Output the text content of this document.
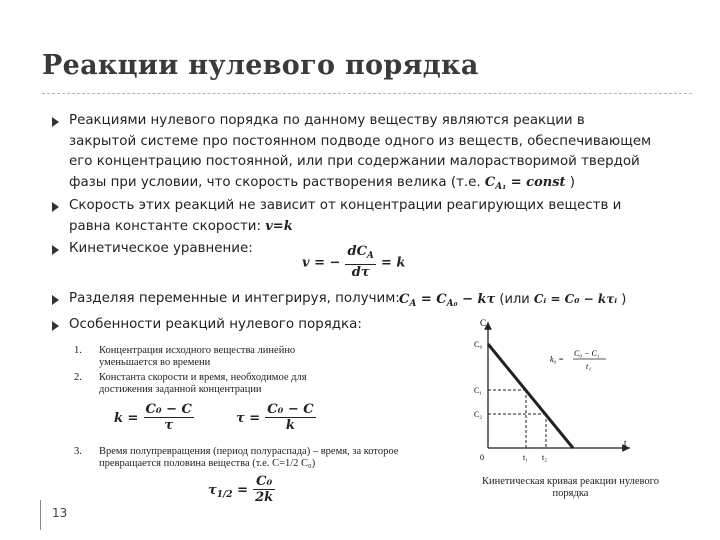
Реакции нулевого порядка
Реакциями нулевого порядка по данному веществу являются реакции в закрытой системе про постоянном подводе одного из веществ, обеспечивающем его концентрацию постоянной, или при содержании малорастворимой твердой фазы при условии, что скорость растворения велика (т.е. $C_{A_1}$ = const )
Скорость этих реакций не зависит от концентрации реагирующих веществ и равна константе скорости: v=k
Кинетическое уравнение:
v = − $\frac{dC_A}{d\tau} = k$
Разделяя переменные и интегрируя, получим: $C_A = C_{A_0} - k\tau$ (или Cᵢ = C₀ − kτᵢ )
Особенности реакций нулевого порядка:
1. Концентрация исходного вещества линейно уменьшается во времени
2. Константа скорости и время, необходимое для достижения заданной концентрации
$k = \frac{\text{C₀ − C}}{\tau}$	$\tau = \frac{\text{C₀ − C}}{k}$
3. Время полупревращения (период полураспада) – время, за которое превращается половина вещества (т.е. C=1/2 C₀)
$\tau_{1/2} = \frac{\text{C₀}}{2k}$
C
t
C₀
C₁
C₂
0	t₁ t₂
k₀ =
C₀ − C₁
t₁
Кинетическая кривая реакции нулевого порядка
13
